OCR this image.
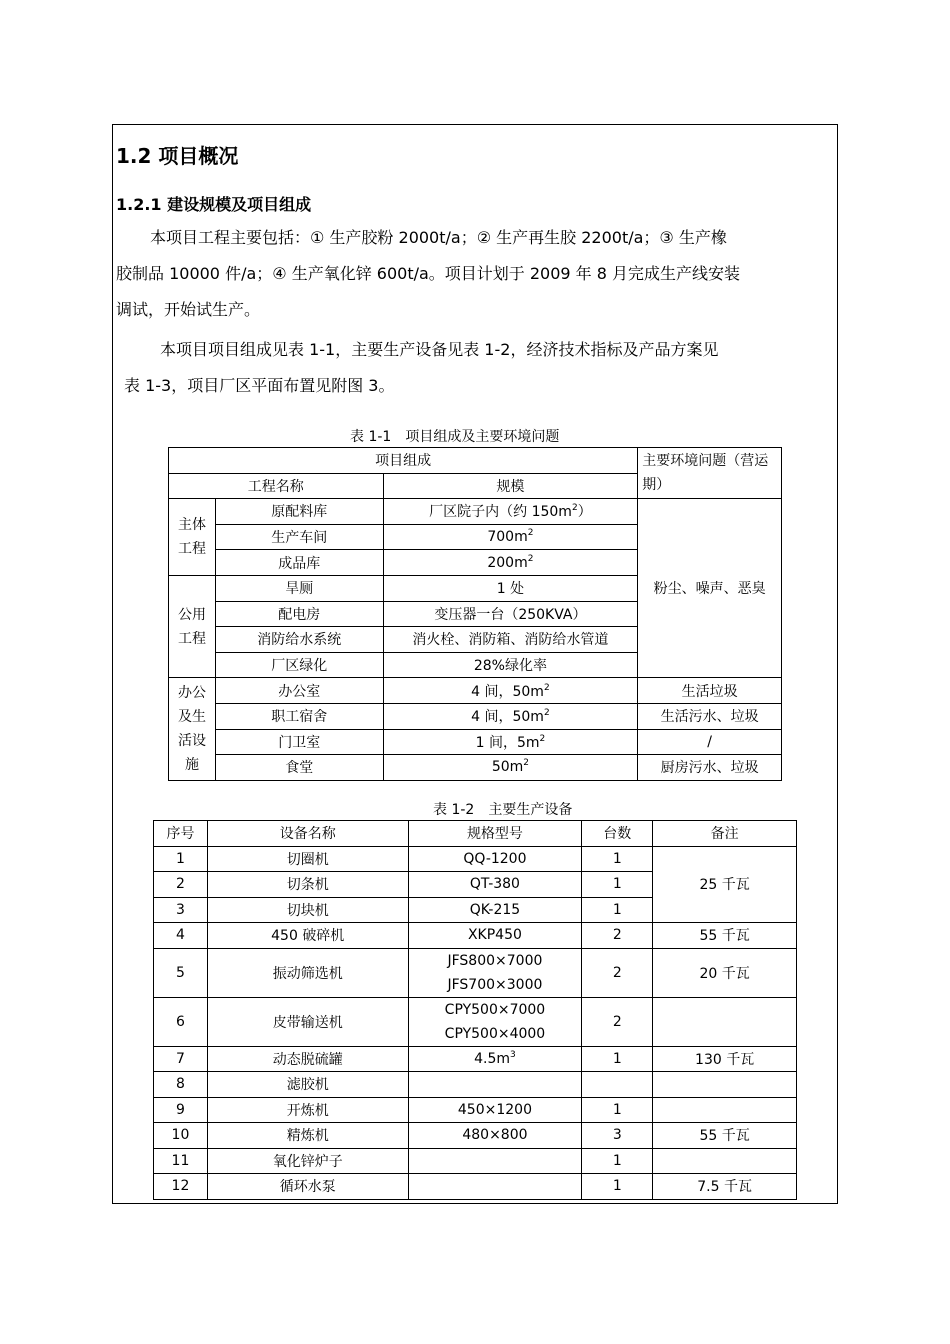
1.2 项目概况
1.2.1 建设规模及项目组成
本项目工程主要包括：① 生产胶粉 2000t/a；② 生产再生胶 2200t/a；③ 生产橡
胶制品 10000 件/a；④ 生产氧化锌 600t/a。项目计划于 2009 年 8 月完成生产线安装
调试，开始试生产。
本项目项目组成见表 1-1，主要生产设备见表 1-2，经济技术指标及产品方案见
表 1-3，项目厂区平面布置见附图 3。
表 1-1　项目组成及主要环境问题
项目组成			主要环境问题（营运期）
工程名称		规模	
主体工程	原配料库	厂区院子内（约 $150m^2$）	粉尘、噪声、恶臭
	生产车间	$700m^2$
	成品库	$200m^2$
公用工程	旱厕	1 处	
	配电房	变压器一台（250KVA）	
	消防给水系统	消火栓、消防箱、消防给水管道	
	厂区绿化	28%绿化率	
办公及生活设施	办公室	4 间，$50m^2$	生活垃圾
	职工宿舍	4 间，$50m^2$	生活污水、垃圾
	门卫室	1 间，$5m^2$	/
	食堂	$50m^2$	厨房污水、垃圾
表 1-2　主要生产设备
序号	设备名称	规格型号	台数	备注
1	切圈机	QQ-1200	1	25 千瓦
2	切条机	QT-380	1	
3	切块机	QK-215	1	
4	450 破碎机	XKP450	2	55 千瓦
5	振动筛选机	JFS800×7000
JFS700×3000	2	20 千瓦
6	皮带输送机	CPY500×7000
CPY500×4000	2	
7	动态脱硫罐	$4.5m^3$	1	130 千瓦
8	滤胶机			
9	开炼机	450×1200	1	
10	精炼机	480×800	3	55 千瓦
11	氧化锌炉子		1	
12	循环水泵		1	7.5 千瓦
